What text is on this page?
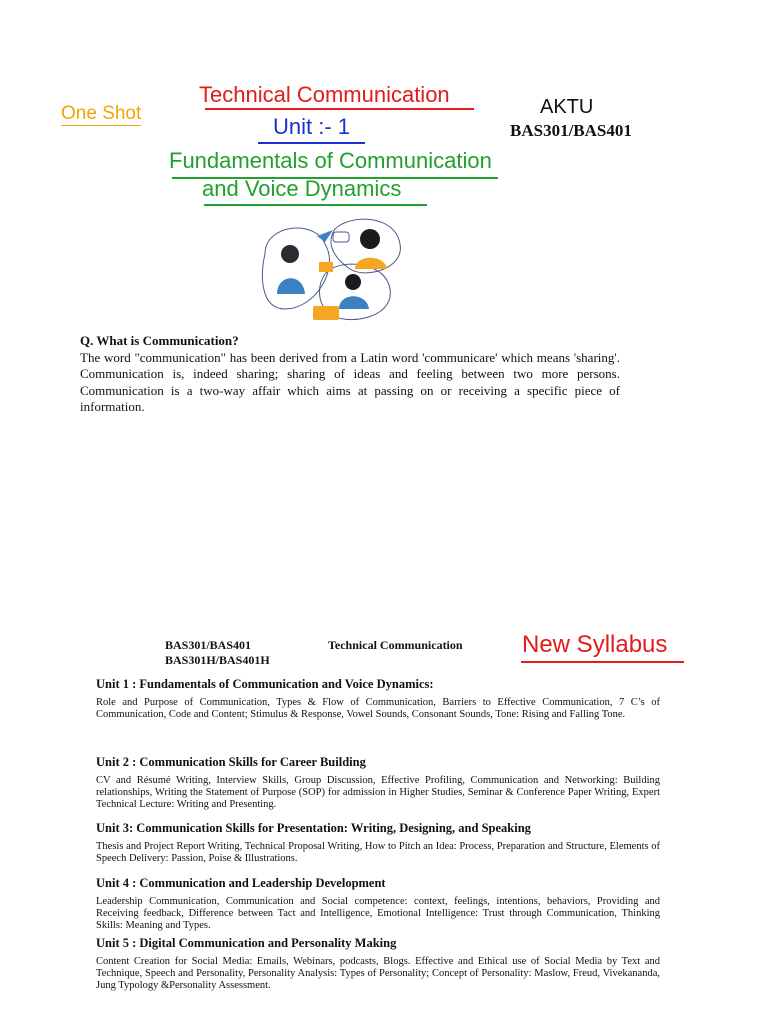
One Shot
Technical Communication
Unit :- 1
AKTU
BAS301/BAS401
Fundamentals of Communication
and Voice Dynamics

Q. What is Communication?

The word "communication" has been derived from a Latin word 'communicare' which means 'sharing'. Communication is, indeed sharing; sharing of ideas and feeling between two more persons. Communication is a two-way affair which aims at passing on or receiving a specific piece of information.

BAS301/BAS401
BAS301H/BAS401H
Technical Communication New Syllabus

Unit 1 : Fundamentals of Communication and Voice Dynamics:

Role and Purpose of Communication, Types & Flow of Communication, Barriers to Effective Communication, 7 C’s of Communication, Code and Content; Stimulus & Response, Vowel Sounds, Consonant Sounds, Tone: Rising and Falling Tone.

Unit 2 : Communication Skills for Career Building

CV and Résumé Writing, Interview Skills, Group Discussion, Effective Profiling, Communication and Networking: Building relationships, Writing the Statement of Purpose (SOP) for admission in Higher Studies, Seminar & Conference Paper Writing, Expert Technical Lecture: Writing and Presenting.

Unit 3: Communication Skills for Presentation: Writing, Designing, and Speaking

Thesis and Project Report Writing, Technical Proposal Writing, How to Pitch an Idea: Process, Preparation and Structure, Elements of Speech Delivery: Passion, Poise & Illustrations.

Unit 4 : Communication and Leadership Development

Leadership Communication, Communication and Social competence: context, feelings, intentions, behaviors, Providing and Receiving feedback, Difference between Tact and Intelligence, Emotional Intelligence: Trust through Communication, Thinking Skills: Meaning and Types.

Unit 5 : Digital Communication and Personality Making

Content Creation for Social Media: Emails, Webinars, podcasts, Blogs. Effective and Ethical use of Social Media by Text and Technique, Speech and Personality, Personality Analysis: Types of Personality; Concept of Personality: Maslow, Freud, Vivekananda, Jung Typology &Personality Assessment.
